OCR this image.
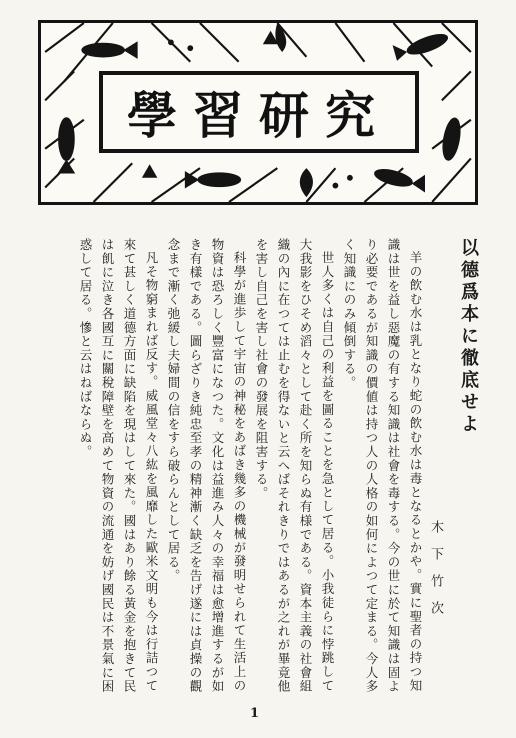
學習研究
以德爲本に徹底せよ
木下竹次

羊の飲む水は乳となり蛇の飲む水は毒となるとかや。實に聖者の持つ知識は世を益し惡魔の有する知識は社會を毒する。今の世に於て知識は固より必要であるが知識の價値は持つ人の人格の如何によつて定まる。今人多く知識にのみ傾倒する。

世人多くは自己の利益を圖ることを急として居る。小我徒らに悖跳して大我影をひそめ滔々として赴く所を知らぬ有様である。資本主義の社會組織の內に在つては止むを得ないと云へばそれきりではあるが之れが畢竟他を害し自己を害し社會の發展を阻害する。

科學が進歩して宇宙の神秘をあばき幾多の機械が發明せられて生活上の物資は恐ろしく豐富になつた。文化は益進み人々の幸福は愈增進するが如き有樣である。圖らざりき純忠至孝の精神漸く缺乏を告げ遂には貞操の觀念まで漸く弛緩し夫婦間の信をすら破らんとして居る。

凡そ物窮まれば反す。威風堂々八紘を風靡した歐米文明も今は行詰つて來て甚しく道德方面に缺陷を現はして來た。國はあり餘る黃金を抱きて民は飢に泣き各國互に關稅障壁を高めて物資の流通を妨げ國民は不景氣に困惑して居る。慘と云はねばならぬ。

1
